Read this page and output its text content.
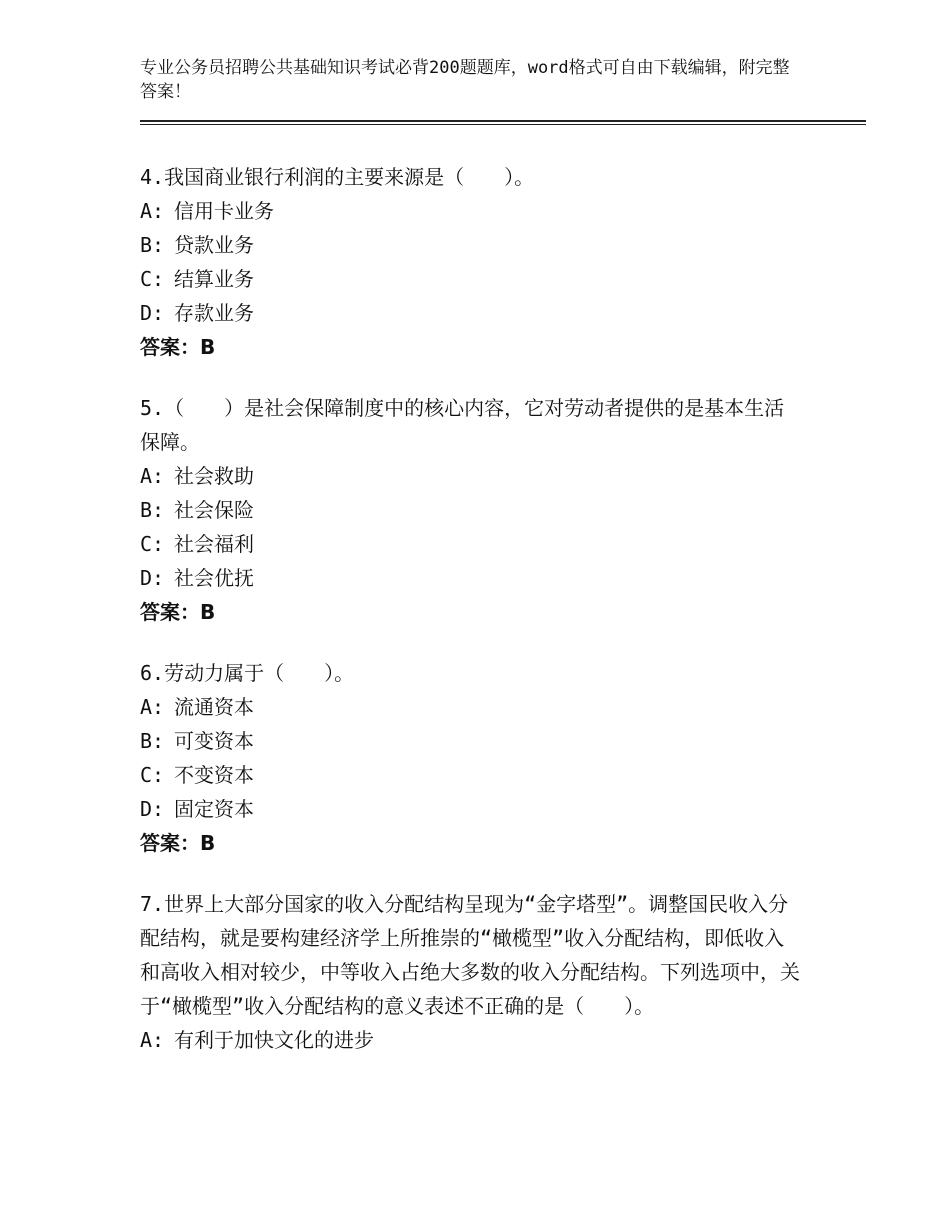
专业公务员招聘公共基础知识考试必背200题题库，word格式可自由下载编辑，附完整答案！

4.我国商业银行利润的主要来源是（　　）。

A: 信用卡业务

B: 贷款业务

C: 结算业务

D: 存款业务

答案：B

5.（　　）是社会保障制度中的核心内容，它对劳动者提供的是基本生活保障。

A: 社会救助

B: 社会保险

C: 社会福利

D: 社会优抚

答案：B

6.劳动力属于（　　）。

A: 流通资本

B: 可变资本

C: 不变资本

D: 固定资本

答案：B

7.世界上大部分国家的收入分配结构呈现为“金字塔型”。调整国民收入分配结构，就是要构建经济学上所推崇的“橄榄型”收入分配结构，即低收入和高收入相对较少，中等收入占绝大多数的收入分配结构。下列选项中，关于“橄榄型”收入分配结构的意义表述不正确的是（　　）。

A: 有利于加快文化的进步
